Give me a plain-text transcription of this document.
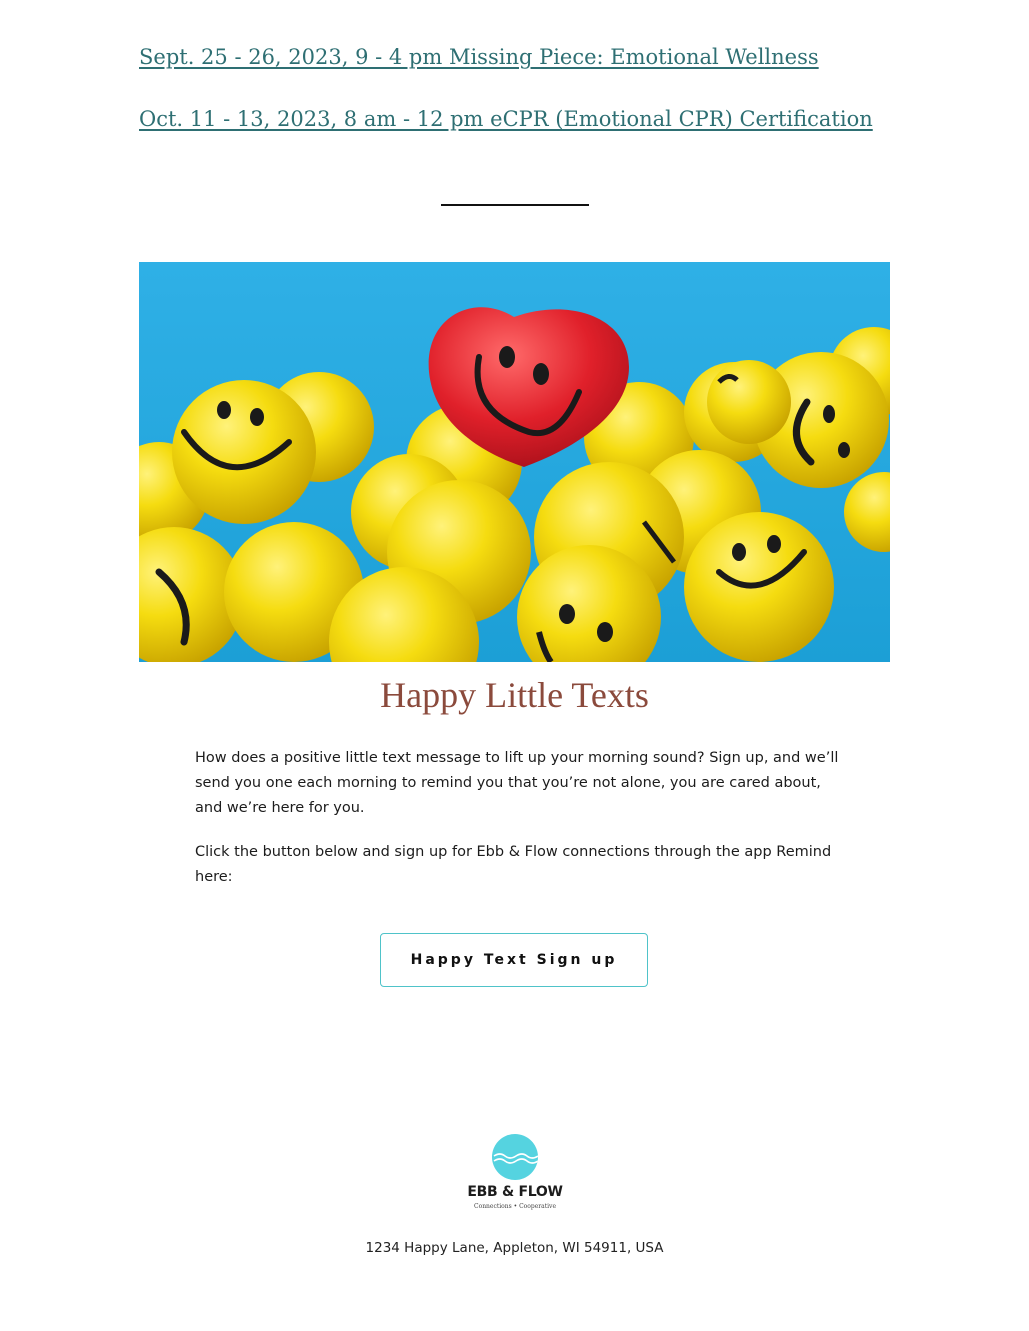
Sept. 25 - 26, 2023, 9 - 4 pm Missing Piece: Emotional Wellness
Oct. 11 - 13, 2023, 8 am - 12 pm eCPR (Emotional CPR) Certification
Happy Little Texts

How does a positive little text message to lift up your morning sound? Sign up, and we’ll send you one each morning to remind you that you’re not alone, you are cared about, and we’re here for you.

Click the button below and sign up for Ebb & Flow connections through the app Remind here:

Happy Text Sign up
EBB & FLOW
Connections • Cooperative
1234 Happy Lane, Appleton, WI 54911, USA
